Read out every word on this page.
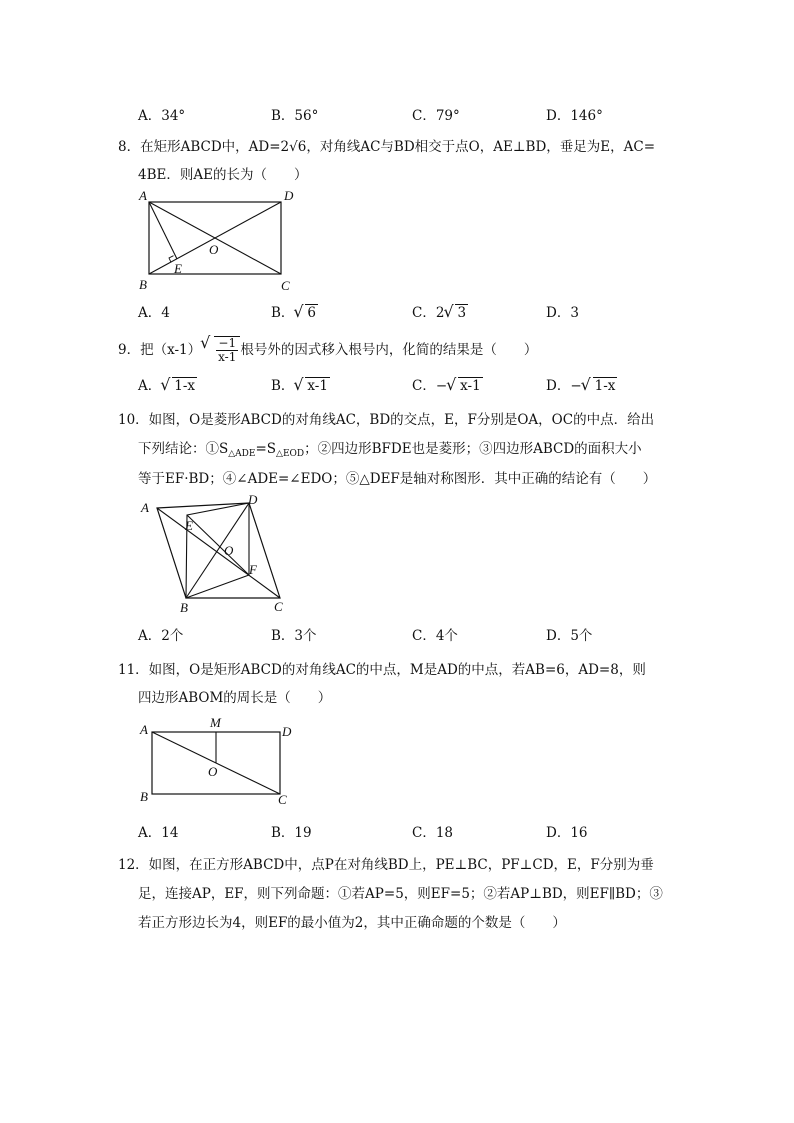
A．34°	B．56°	C．79°	D．146°
8．在矩形ABCD中，AD=2√6，对角线AC与BD相交于点O，AE⊥BD，垂足为E，AC=
4BE．则AE的长为（　　）
A	D
B	C
O
E
A．4	B． √ 6	C．2 √ 3	D．3
9．把（x-1） √ $\frac{-1}{x-1}$ 根号外的因式移入根号内，化简的结果是（　　）
A． √ 1-x	B． √ x-1	C．− √ x-1	D．− √ 1-x
10．如图，O是菱形ABCD的对角线AC，BD的交点，E，F分别是OA，OC的中点．给出
下列结论：$①S_{\triangle ADE}=S_{\triangle EOD}$；②四边形BFDE也是菱形；③四边形ABCD的面积大小
等于EF·BD；④∠ADE=∠EDO；⑤△DEF是轴对称图形．其中正确的结论有（　　）
A
D
B	C
O
E
F
A．2个	B．3个	C．4个	D．5个
11．如图，O是矩形ABCD的对角线AC的中点，M是AD的中点，若AB=6，AD=8，则
四边形ABOM的周长是（　　）
A	M
D
B	C
O
A．14	B．19	C．18	D．16
12．如图，在正方形ABCD中，点P在对角线BD上，PE⊥BC，PF⊥CD，E，F分别为垂
足，连接AP，EF，则下列命题：①若AP=5，则EF=5；②若AP⊥BD，则EF∥BD；③
若正方形边长为4，则EF的最小值为2，其中正确命题的个数是（　　）
